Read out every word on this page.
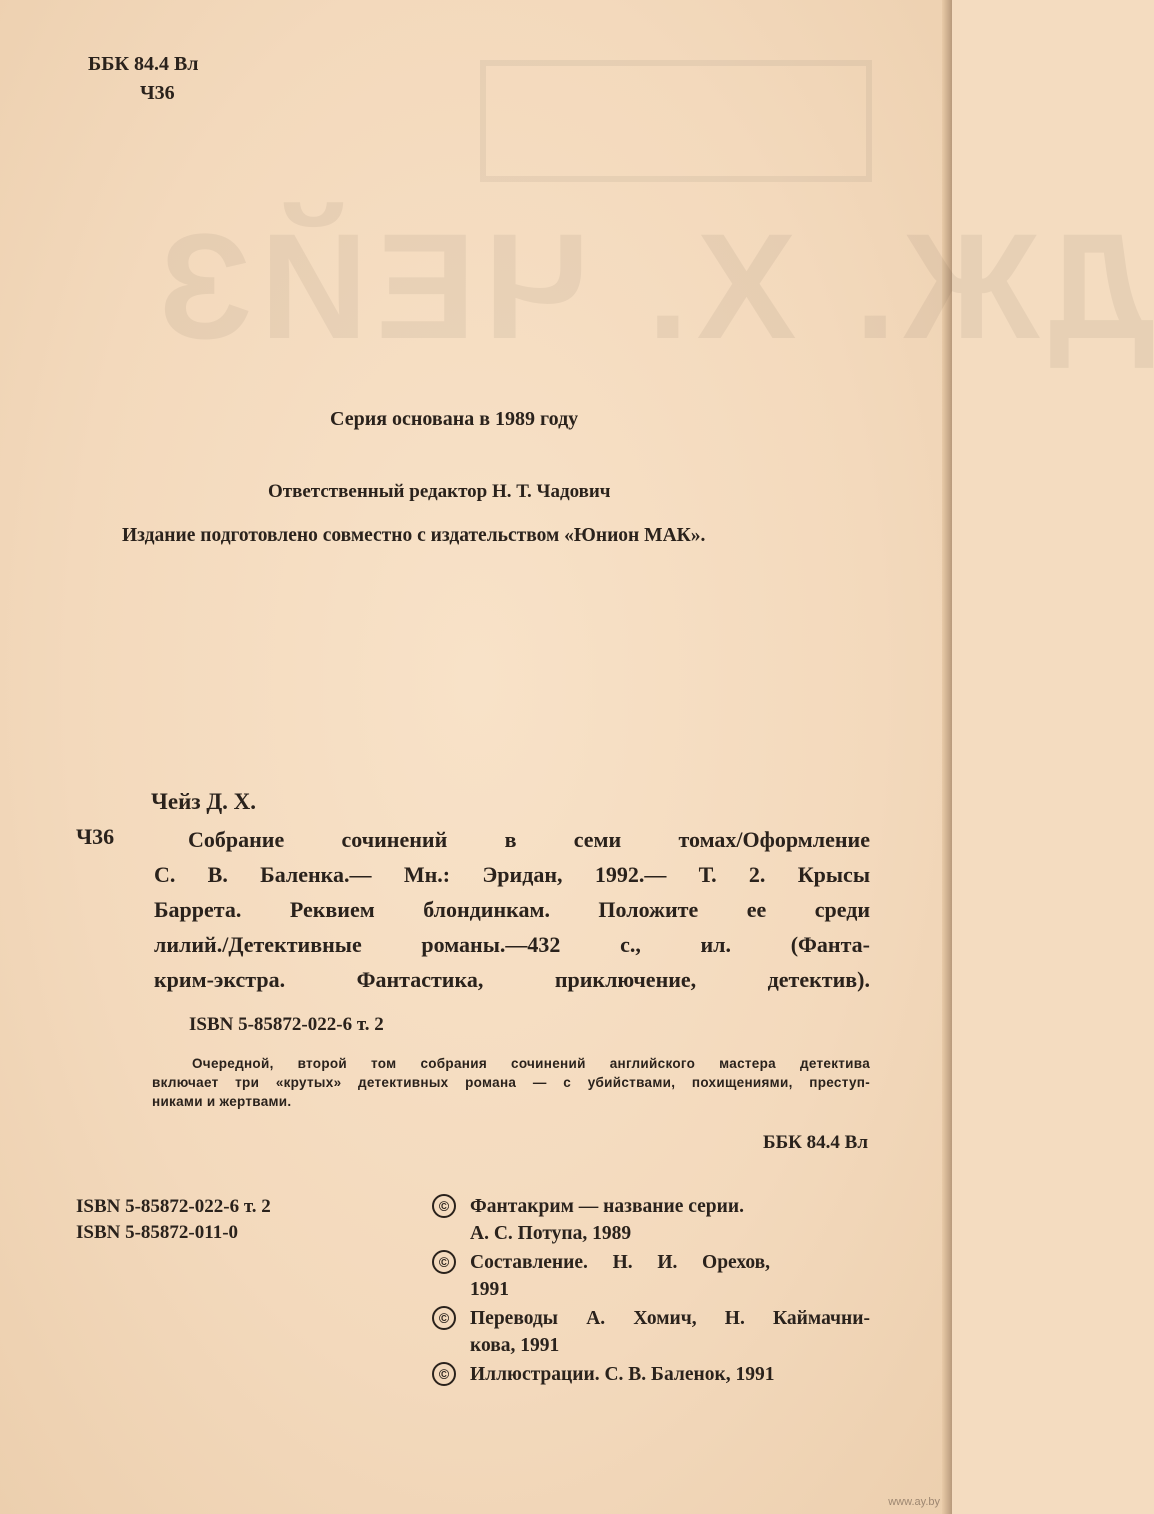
ДЖ. Х. ЧЕЙЗ
ББК 84.4 Вл
Ч36
Серия основана в 1989 году
Ответственный редактор Н. Т. Чадович
Издание подготовлено совместно с издательством «Юнион МАК».
Чейз Д. Х.
Ч36	Собрание сочинений в семи томах/Оформление
С. В. Баленка.— Мн.: Эридан, 1992.— Т. 2. Крысы
Баррета. Реквием блондинкам. Положите ее среди
лилий./Детективные романы.—432 с., ил. (Фанта-
крим-экстра. Фантастика, приключение, детектив).
ISBN 5-85872-022-6 т. 2
Очередной, второй том собрания сочинений английского мастера детектива
включает три «крутых» детективных романа — с убийствами, похищениями, преступ-
никами и жертвами.
ББК 84.4 Вл
ISBN 5-85872-022-6 т. 2
ISBN 5-85872-011-0
©	Фантакрим — название серии.
А. С. Потупа, 1989
©	Составление. Н. И. Орехов,
1991
©	Переводы А. Хомич, Н. Каймачни-
кова, 1991
©	Иллюстрации. С. В. Баленок, 1991
www.ay.by
